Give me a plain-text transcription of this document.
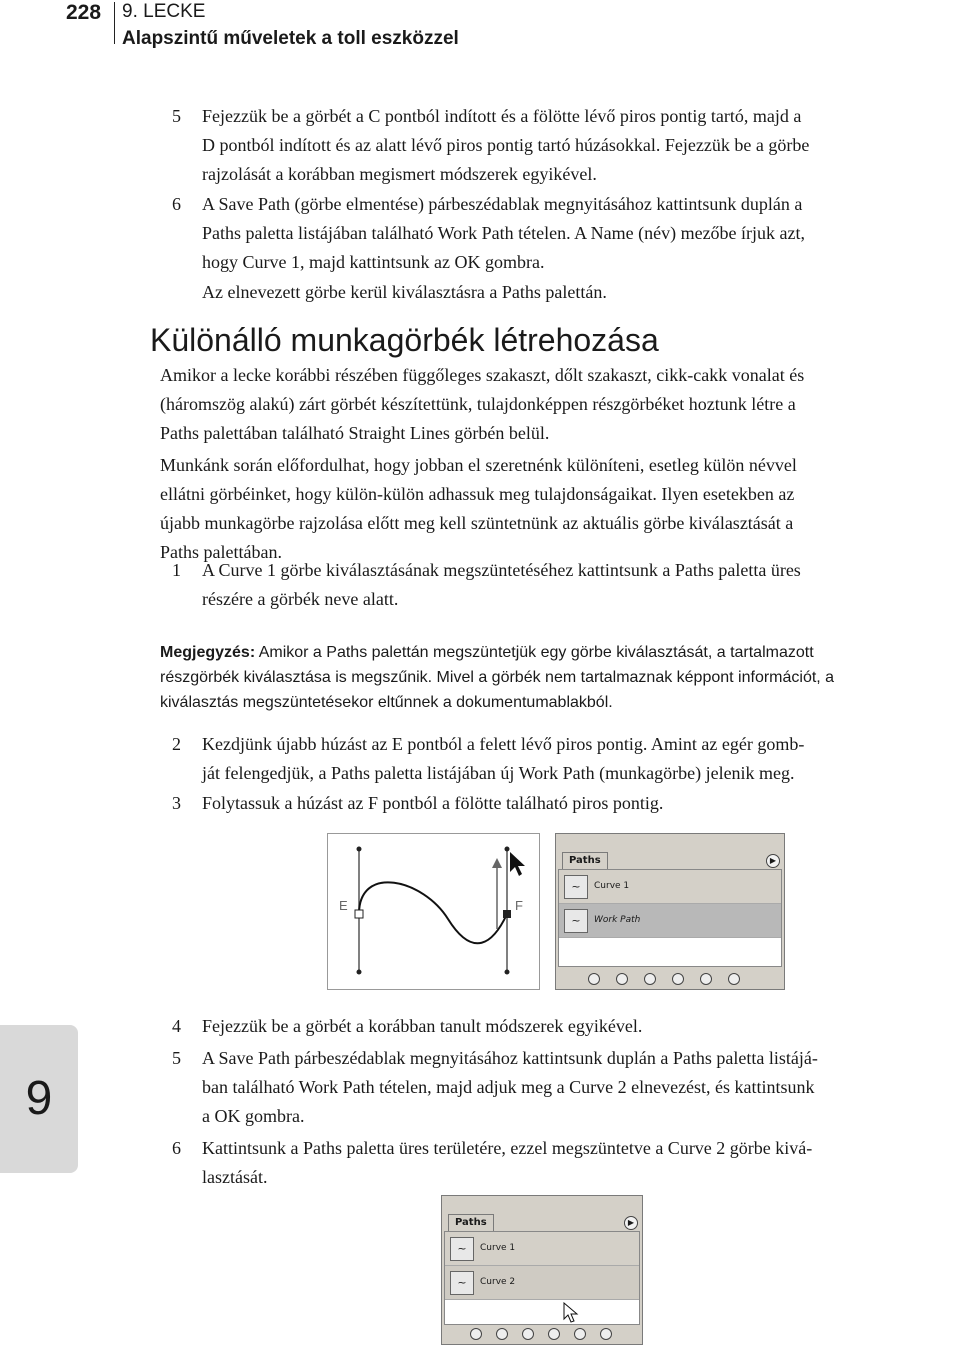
228 9. LECKE
Alapszintű műveletek a toll eszközzel
5 Fejezzük be a görbét a C pontból indított és a fölötte lévő piros pontig tartó, majd a
D pontból indított és az alatt lévő piros pontig tartó húzásokkal. Fejezzük be a görbe
rajzolását a korábban megismert módszerek egyikével.
6 A Save Path (görbe elmentése) párbeszédablak megnyitásához kattintsunk duplán a
Paths paletta listájában található Work Path tételen. A Name (név) mezőbe írjuk azt,
hogy Curve 1, majd kattintsunk az OK gombra.
Az elnevezett görbe kerül kiválasztásra a Paths palettán.
Különálló munkagörbék létrehozása
Amikor a lecke korábbi részében függőleges szakaszt, dőlt szakaszt, cikk-cakk vonalat és
(háromszög alakú) zárt görbét készítettünk, tulajdonképpen részgörbéket hoztunk létre a
Paths palettában található Straight Lines görbén belül.
Munkánk során előfordulhat, hogy jobban el szeretnénk különíteni, esetleg külön névvel
ellátni görbéinket, hogy külön-külön adhassuk meg tulajdonságaikat. Ilyen esetekben az
újabb munkagörbe rajzolása előtt meg kell szüntetnünk az aktuális görbe kiválasztását a
Paths palettában.
1 A Curve 1 görbe kiválasztásának megszüntetéséhez kattintsunk a Paths paletta üres
részére a görbék neve alatt.
Megjegyzés: Amikor a Paths palettán megszüntetjük egy görbe kiválasztását, a tartalmazott
részgörbék kiválasztása is megszűnik. Mivel a görbék nem tartalmaznak képpont információt, a
kiválasztás megszüntetésekor eltűnnek a dokumentumablakból.
2 Kezdjünk újabb húzást az E pontból a felett lévő piros pontig. Amint az egér gomb-
ját felengedjük, a Paths paletta listájában új Work Path (munkagörbe) jelenik meg.
3 Folytassuk a húzást az F pontból a fölötte található piros pontig.
E	F
Paths	▶
~	Curve 1
~	Work Path
4 Fejezzük be a görbét a korábban tanult módszerek egyikével.
5 A Save Path párbeszédablak megnyitásához kattintsunk duplán a Paths paletta listájá-
ban található Work Path tételen, majd adjuk meg a Curve 2 elnevezést, és kattintsunk
a OK gombra.
6 Kattintsunk a Paths paletta üres területére, ezzel megszüntetve a Curve 2 görbe kivá-
lasztását.
9
Paths	▶
~	Curve 1
~	Curve 2
